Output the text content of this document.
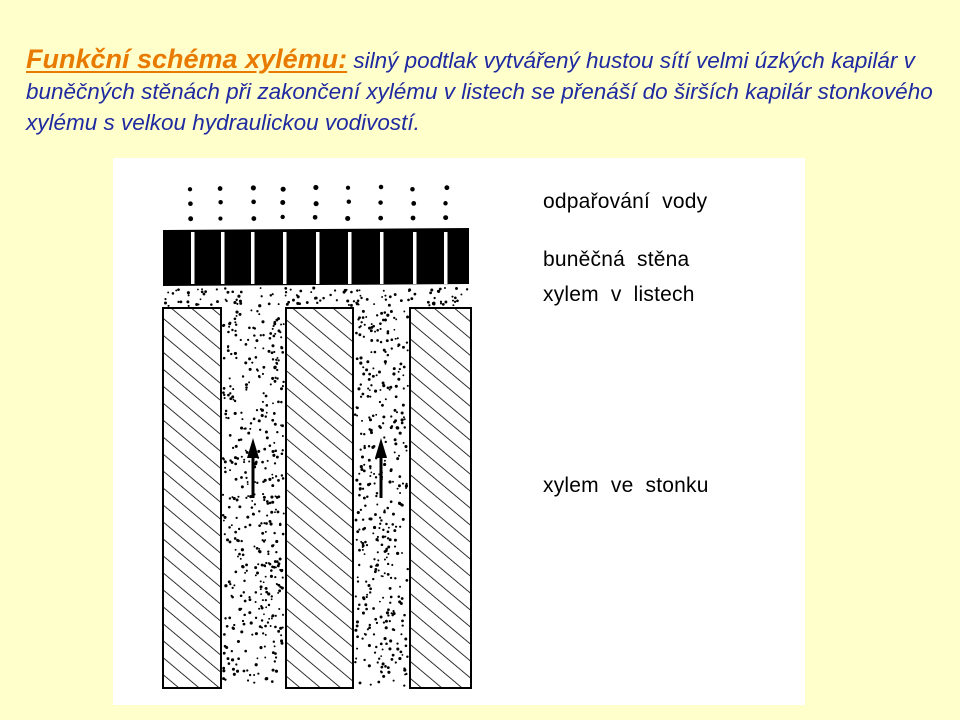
Funkční schéma xylému: silný podtlak vytvářený hustou sítí velmi úzkých kapilár v buněčných stěnách při zakončení xylému v listech se přenáší do širších kapilár stonkového xylému s velkou hydraulickou vodivostí.

odpařování  vody
buněčná  stěna
xylem  v  listech
xylem  ve  stonku
